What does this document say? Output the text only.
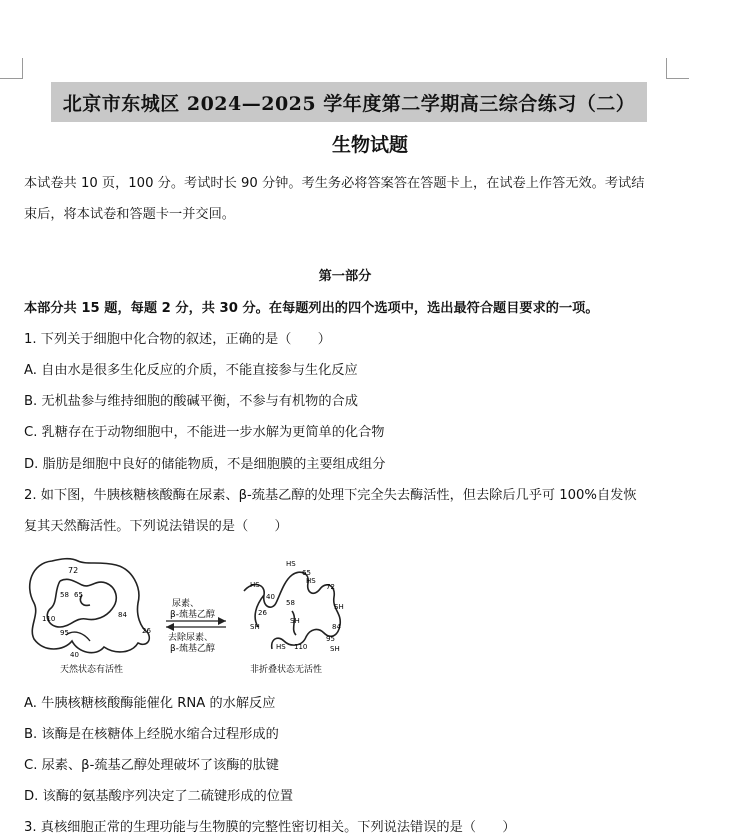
北京市东城区 2024—2025 学年度第二学期高三综合练习（二）
生物试题
本试卷共 10 页，100 分。考试时长 90 分钟。考生务必将答案答在答题卡上，在试卷上作答无效。考试结
束后，将本试卷和答题卡一并交回。
第一部分
本部分共 15 题，每题 2 分，共 30 分。在每题列出的四个选项中，选出最符合题目要求的一项。
1. 下列关于细胞中化合物的叙述，正确的是（　　）
A. 自由水是很多生化反应的介质，不能直接参与生化反应
B. 无机盐参与维持细胞的酸碱平衡，不参与有机物的合成
C. 乳糖存在于动物细胞中，不能进一步水解为更简单的化合物
D. 脂肪是细胞中良好的储能物质，不是细胞膜的主要组成组分
2. 如下图，牛胰核糖核酸酶在尿素、β-巯基乙醇的处理下完全失去酶活性，但去除后几乎可 100%自发恢
复其天然酶活性。下列说法错误的是（　　）
72
58 65
84
110
95
40
26
天然状态有活性
尿素、
β-巯基乙醇
去除尿素、
β-巯基乙醇
HS
65
HS
72
HS
40
26
58
SH
SH
84
SH
HS 110
95
SH
非折叠状态无活性
A. 牛胰核糖核酸酶能催化 RNA 的水解反应
B. 该酶是在核糖体上经脱水缩合过程形成的
C. 尿素、β-巯基乙醇处理破坏了该酶的肽键
D. 该酶的氨基酸序列决定了二硫键形成的位置
3. 真核细胞正常的生理功能与生物膜的完整性密切相关。下列说法错误的是（　　）
